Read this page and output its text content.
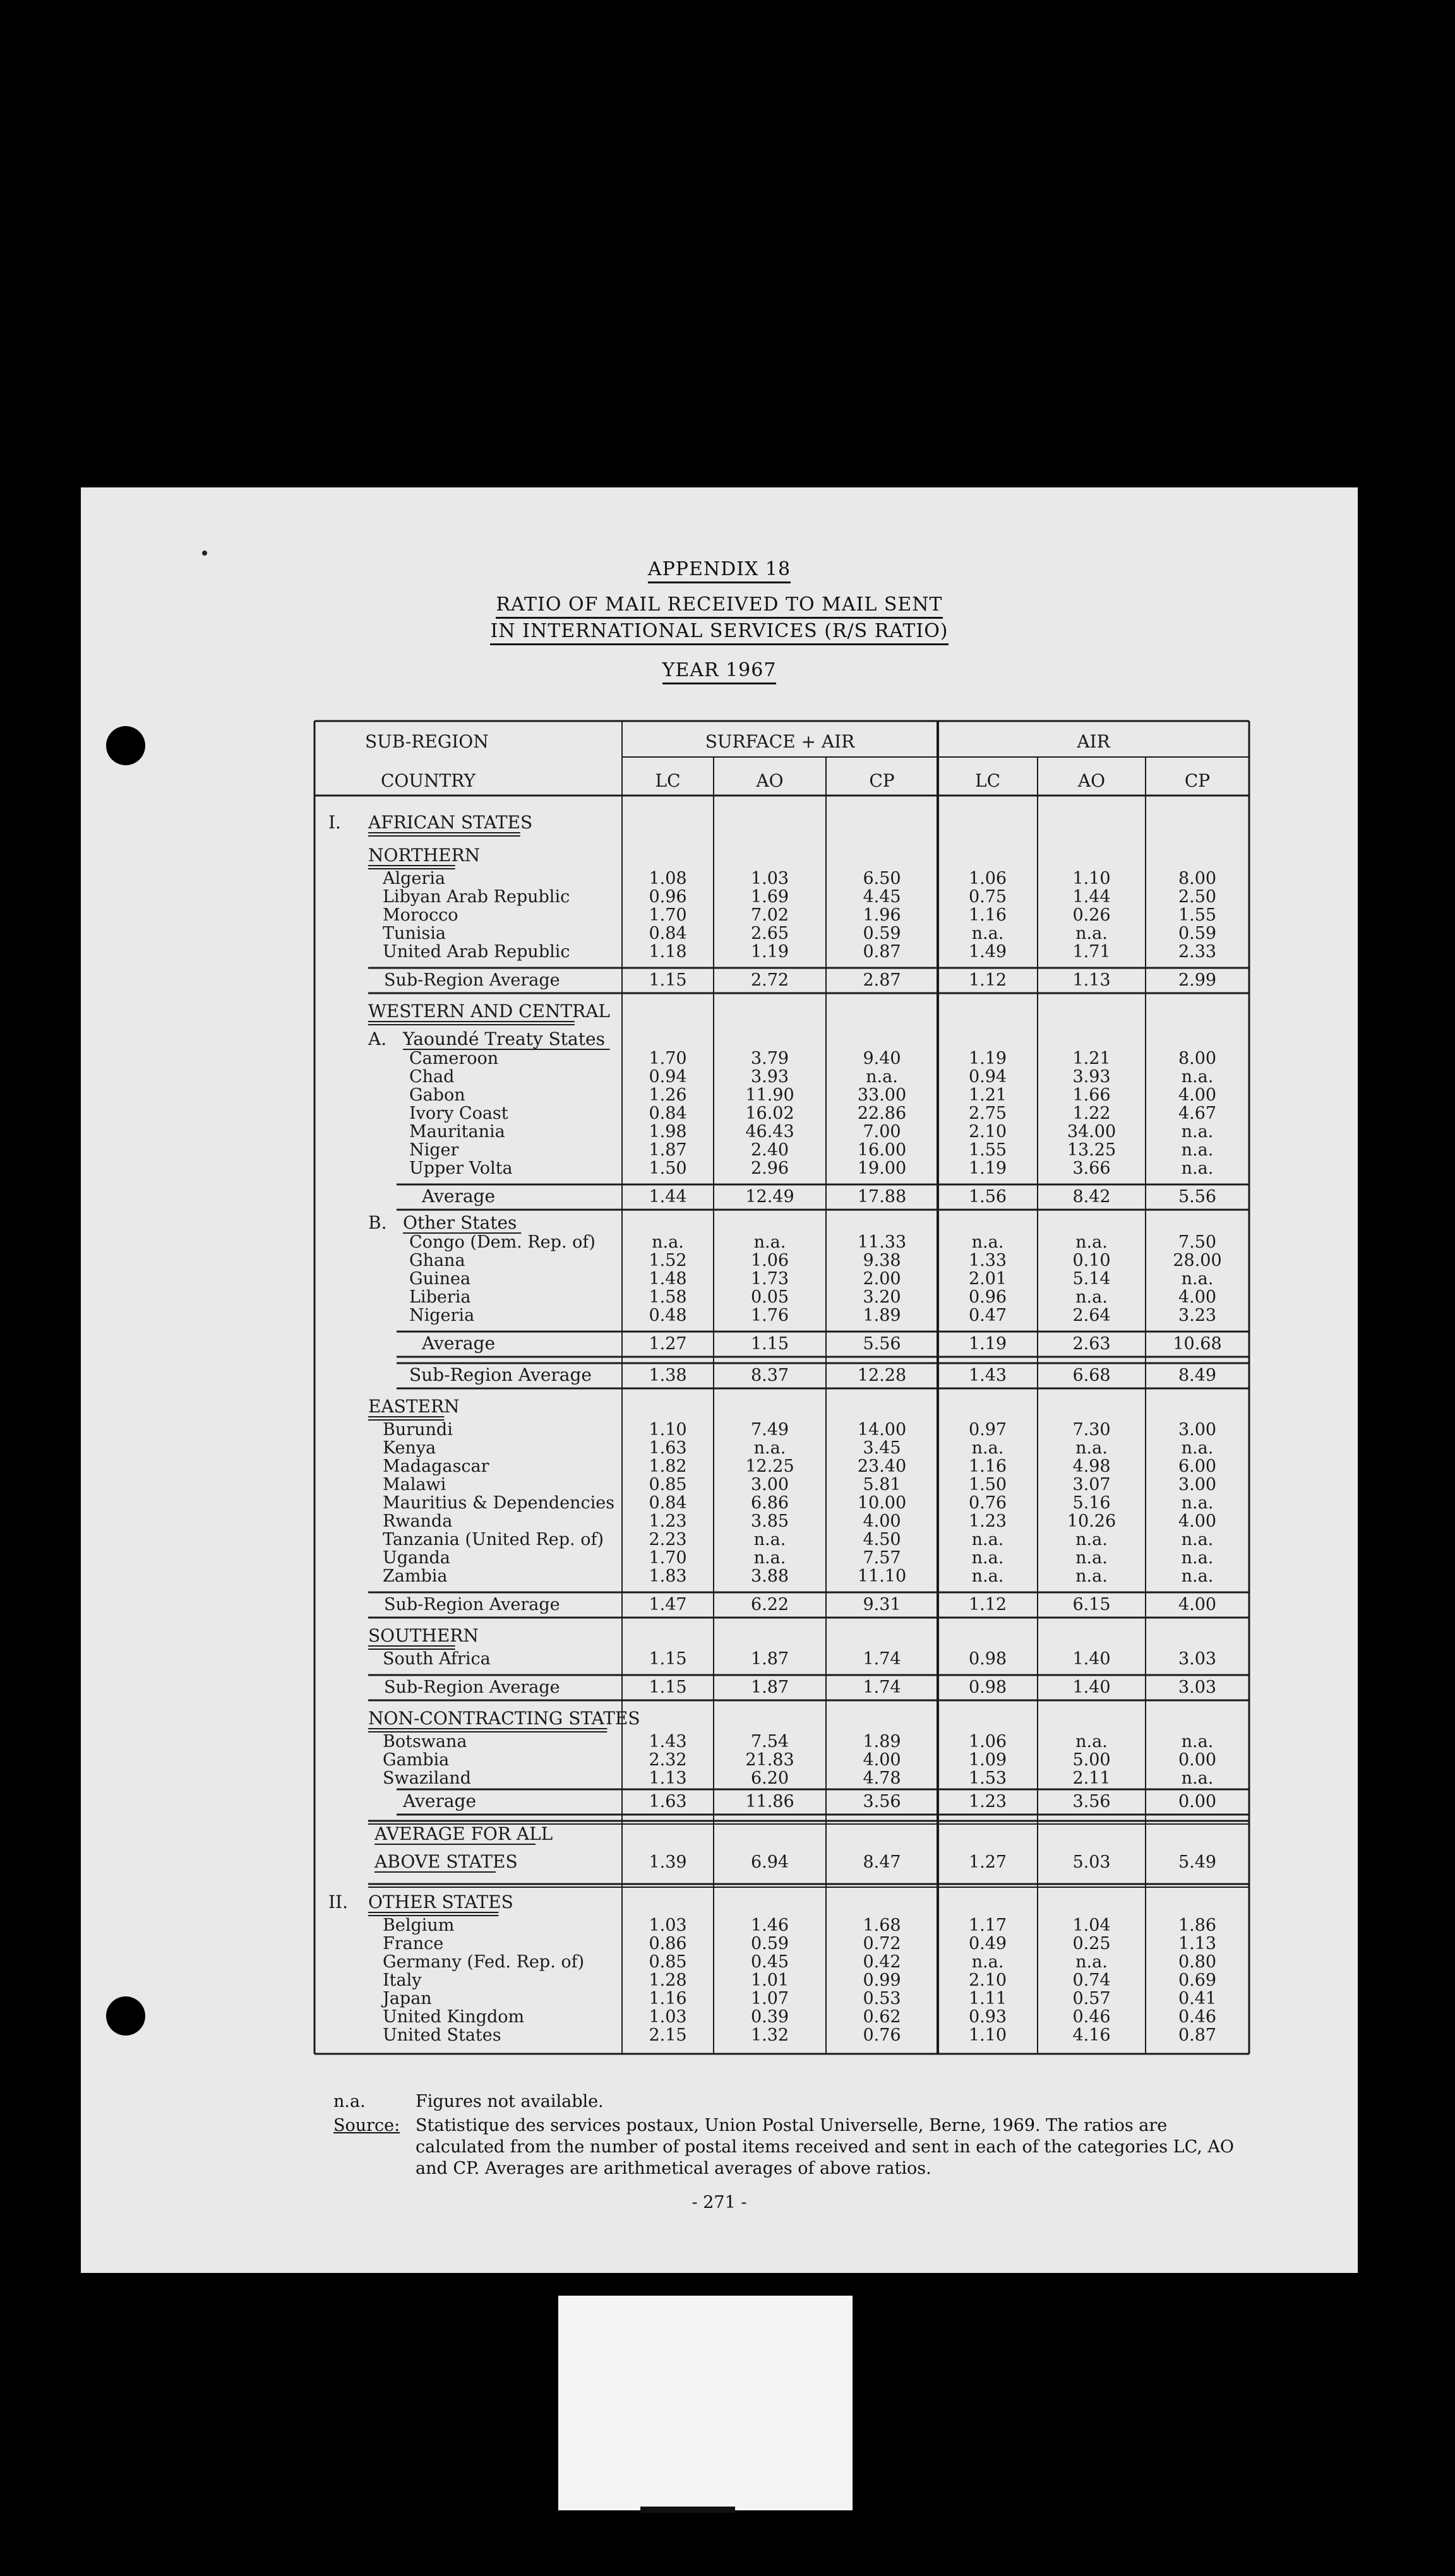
APPENDIX 18
RATIO OF MAIL RECEIVED TO MAIL SENT
IN INTERNATIONAL SERVICES (R/S RATIO)
YEAR 1967
SUB-REGION
COUNTRY
SURFACE + AIR	AIR
LC	AO	CP	LC	AO	CP
I. AFRICAN STATES
NORTHERN
Algeria	1.08	1.03	6.50	1.06	1.10	8.00
Libyan Arab Republic	0.96	1.69	4.45	0.75	1.44	2.50
Morocco	1.70	7.02	1.96	1.16	0.26	1.55
Tunisia	0.84	2.65	0.59	n.a.	n.a.	0.59
United Arab Republic	1.18	1.19	0.87	1.49	1.71	2.33
Sub-Region Average	1.15	2.72	2.87	1.12	1.13	2.99
WESTERN AND CENTRAL
A. Yaoundé Treaty States
Cameroon	1.70	3.79	9.40	1.19	1.21	8.00
Chad	0.94	3.93	n.a.	0.94	3.93	n.a.
Gabon	1.26	11.90	33.00	1.21	1.66	4.00
Ivory Coast	0.84	16.02	22.86	2.75	1.22	4.67
Mauritania	1.98	46.43	7.00	2.10	34.00	n.a.
Niger	1.87	2.40	16.00	1.55	13.25	n.a.
Upper Volta	1.50	2.96	19.00	1.19	3.66	n.a.
Average	1.44	12.49	17.88	1.56	8.42	5.56
B. Other States
Congo (Dem. Rep. of)	n.a.	n.a.	11.33	n.a.	n.a.	7.50
Ghana	1.52	1.06	9.38	1.33	0.10	28.00
Guinea	1.48	1.73	2.00	2.01	5.14	n.a.
Liberia	1.58	0.05	3.20	0.96	n.a.	4.00
Nigeria	0.48	1.76	1.89	0.47	2.64	3.23
Average	1.27	1.15	5.56	1.19	2.63	10.68
Sub-Region Average	1.38	8.37	12.28	1.43	6.68	8.49
EASTERN
Burundi	1.10	7.49	14.00	0.97	7.30	3.00
Kenya	1.63	n.a.	3.45	n.a.	n.a.	n.a.
Madagascar	1.82	12.25	23.40	1.16	4.98	6.00
Malawi	0.85	3.00	5.81	1.50	3.07	3.00
Mauritius & Dependencies 0.84	6.86	10.00	0.76	5.16	n.a.
Rwanda	1.23	3.85	4.00	1.23	10.26	4.00
Tanzania (United Rep. of)	2.23	n.a.	4.50	n.a.	n.a.	n.a.
Uganda	1.70	n.a.	7.57	n.a.	n.a.	n.a.
Zambia	1.83	3.88	11.10	n.a.	n.a.	n.a.
Sub-Region Average	1.47	6.22	9.31	1.12	6.15	4.00
SOUTHERN
South Africa	1.15	1.87	1.74	0.98	1.40	3.03
Sub-Region Average	1.15	1.87	1.74	0.98	1.40	3.03
NON-CONTRACTING STATES
Botswana	1.43	7.54	1.89	1.06	n.a.	n.a.
Gambia	2.32	21.83	4.00	1.09	5.00	0.00
Swaziland	1.13	6.20	4.78	1.53	2.11	n.a.
Average	1.63	11.86	3.56	1.23	3.56	0.00
AVERAGE FOR ALL
ABOVE STATES	1.39	6.94	8.47	1.27	5.03	5.49
II. OTHER STATES
Belgium	1.03	1.46	1.68	1.17	1.04	1.86
France	0.86	0.59	0.72	0.49	0.25	1.13
Germany (Fed. Rep. of)	0.85	0.45	0.42	n.a.	n.a.	0.80
Italy	1.28	1.01	0.99	2.10	0.74	0.69
Japan	1.16	1.07	0.53	1.11	0.57	0.41
United Kingdom	1.03	0.39	0.62	0.93	0.46	0.46
United States	2.15	1.32	0.76	1.10	4.16	0.87
n.a.	Figures not available.
Source: Statistique des services postaux, Union Postal Universelle, Berne, 1969. The ratios are calculated from the number of postal items received and sent in each of the categories LC, AO and CP. Averages are arithmetical averages of above ratios.
- 271 -
